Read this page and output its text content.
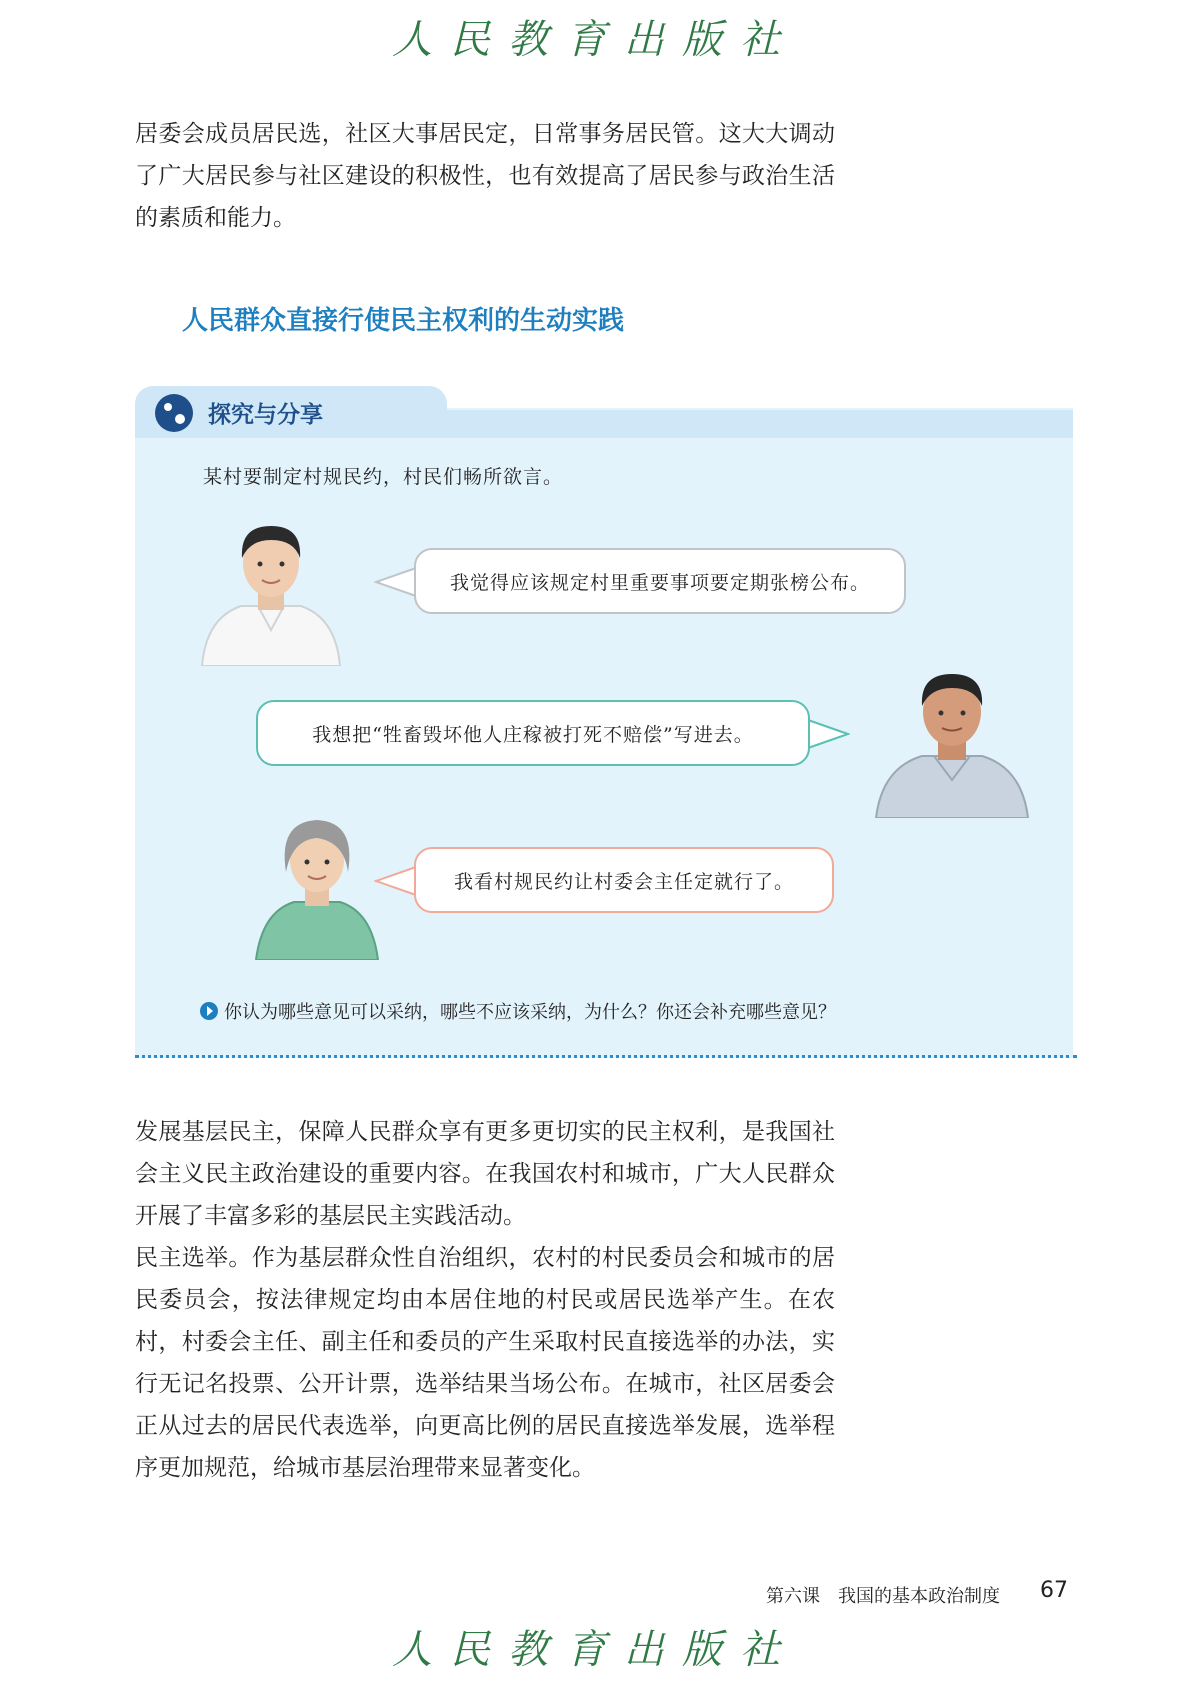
人民教育出版社

居委会成员居民选，社区大事居民定，日常事务居民管。这大大调动了广大居民参与社区建设的积极性，也有效提高了居民参与政治生活的素质和能力。

人民群众直接行使民主权利的生动实践
探究与分享
某村要制定村规民约，村民们畅所欲言。
我觉得应该规定村里重要事项要定期张榜公布。
我想把“牲畜毁坏他人庄稼被打死不赔偿”写进去。
我看村规民约让村委会主任定就行了。
你认为哪些意见可以采纳，哪些不应该采纳，为什么？你还会补充哪些意见？

发展基层民主，保障人民群众享有更多更切实的民主权利，是我国社会主义民主政治建设的重要内容。在我国农村和城市，广大人民群众开展了丰富多彩的基层民主实践活动。

民主选举。作为基层群众性自治组织，农村的村民委员会和城市的居民委员会，按法律规定均由本居住地的村民或居民选举产生。在农村，村委会主任、副主任和委员的产生采取村民直接选举的办法，实行无记名投票、公开计票，选举结果当场公布。在城市，社区居委会正从过去的居民代表选举，向更高比例的居民直接选举发展，选举程序更加规范，给城市基层治理带来显著变化。

第六课　我国的基本政治制度 67
人民教育出版社
